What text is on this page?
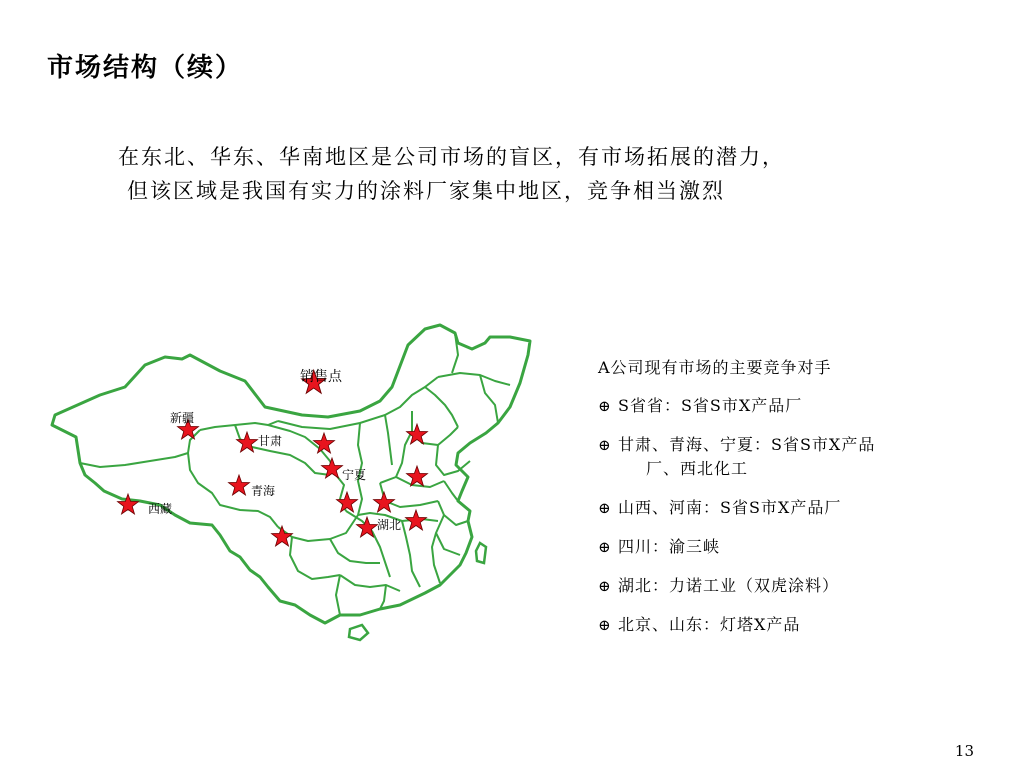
市场结构（续）
在东北、华东、华南地区是公司市场的盲区，有市场拓展的潜力，
但该区域是我国有实力的涂料厂家集中地区，竞争相当激烈
销售点
新疆
甘肃
宁夏
青海
西藏
湖北
A公司现有市场的主要竞争对手
⊕ S省省：S省S市X产品厂
⊕ 甘肃、青海、宁夏：S省S市X产品
厂、西北化工
⊕ 山西、河南：S省S市X产品厂
⊕ 四川：渝三峡
⊕ 湖北：力诺工业（双虎涂料）
⊕ 北京、山东：灯塔X产品
13
